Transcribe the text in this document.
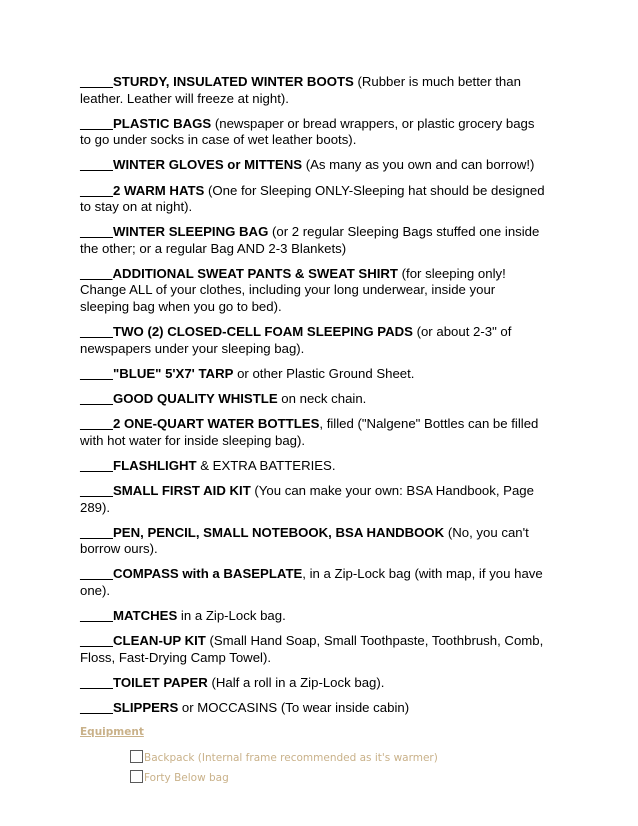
____ STURDY, INSULATED WINTER BOOTS (Rubber is much better than leather. Leather will freeze at night).

____ PLASTIC BAGS (newspaper or bread wrappers, or plastic grocery bags to go under socks in case of wet leather boots).

____ WINTER GLOVES or MITTENS (As many as you own and can borrow!)

____ 2 WARM HATS (One for Sleeping ONLY-Sleeping hat should be designed to stay on at night).

____ WINTER SLEEPING BAG (or 2 regular Sleeping Bags stuffed one inside the other; or a regular Bag AND 2-3 Blankets)

____ ADDITIONAL SWEAT PANTS & SWEAT SHIRT (for sleeping only! Change ALL of your clothes, including your long underwear, inside your sleeping bag when you go to bed).

____ TWO (2) CLOSED-CELL FOAM SLEEPING PADS (or about 2-3" of newspapers under your sleeping bag).

____ "BLUE" 5'X7' TARP or other Plastic Ground Sheet.

____ GOOD QUALITY WHISTLE on neck chain.

____ 2 ONE-QUART WATER BOTTLES, filled ("Nalgene" Bottles can be filled with hot water for inside sleeping bag).

____ FLASHLIGHT & EXTRA BATTERIES.

____ SMALL FIRST AID KIT (You can make your own: BSA Handbook, Page 289).

____ PEN, PENCIL, SMALL NOTEBOOK, BSA HANDBOOK (No, you can't borrow ours).

____ COMPASS with a BASEPLATE, in a Zip-Lock bag (with map, if you have one).

____ MATCHES in a Zip-Lock bag.

____ CLEAN-UP KIT (Small Hand Soap, Small Toothpaste, Toothbrush, Comb, Floss, Fast-Drying Camp Towel).

____ TOILET PAPER (Half a roll in a Zip-Lock bag).

____ SLIPPERS or MOCCASINS (To wear inside cabin)

Equipment
Backpack (Internal frame recommended as it's warmer)
Forty Below bag
